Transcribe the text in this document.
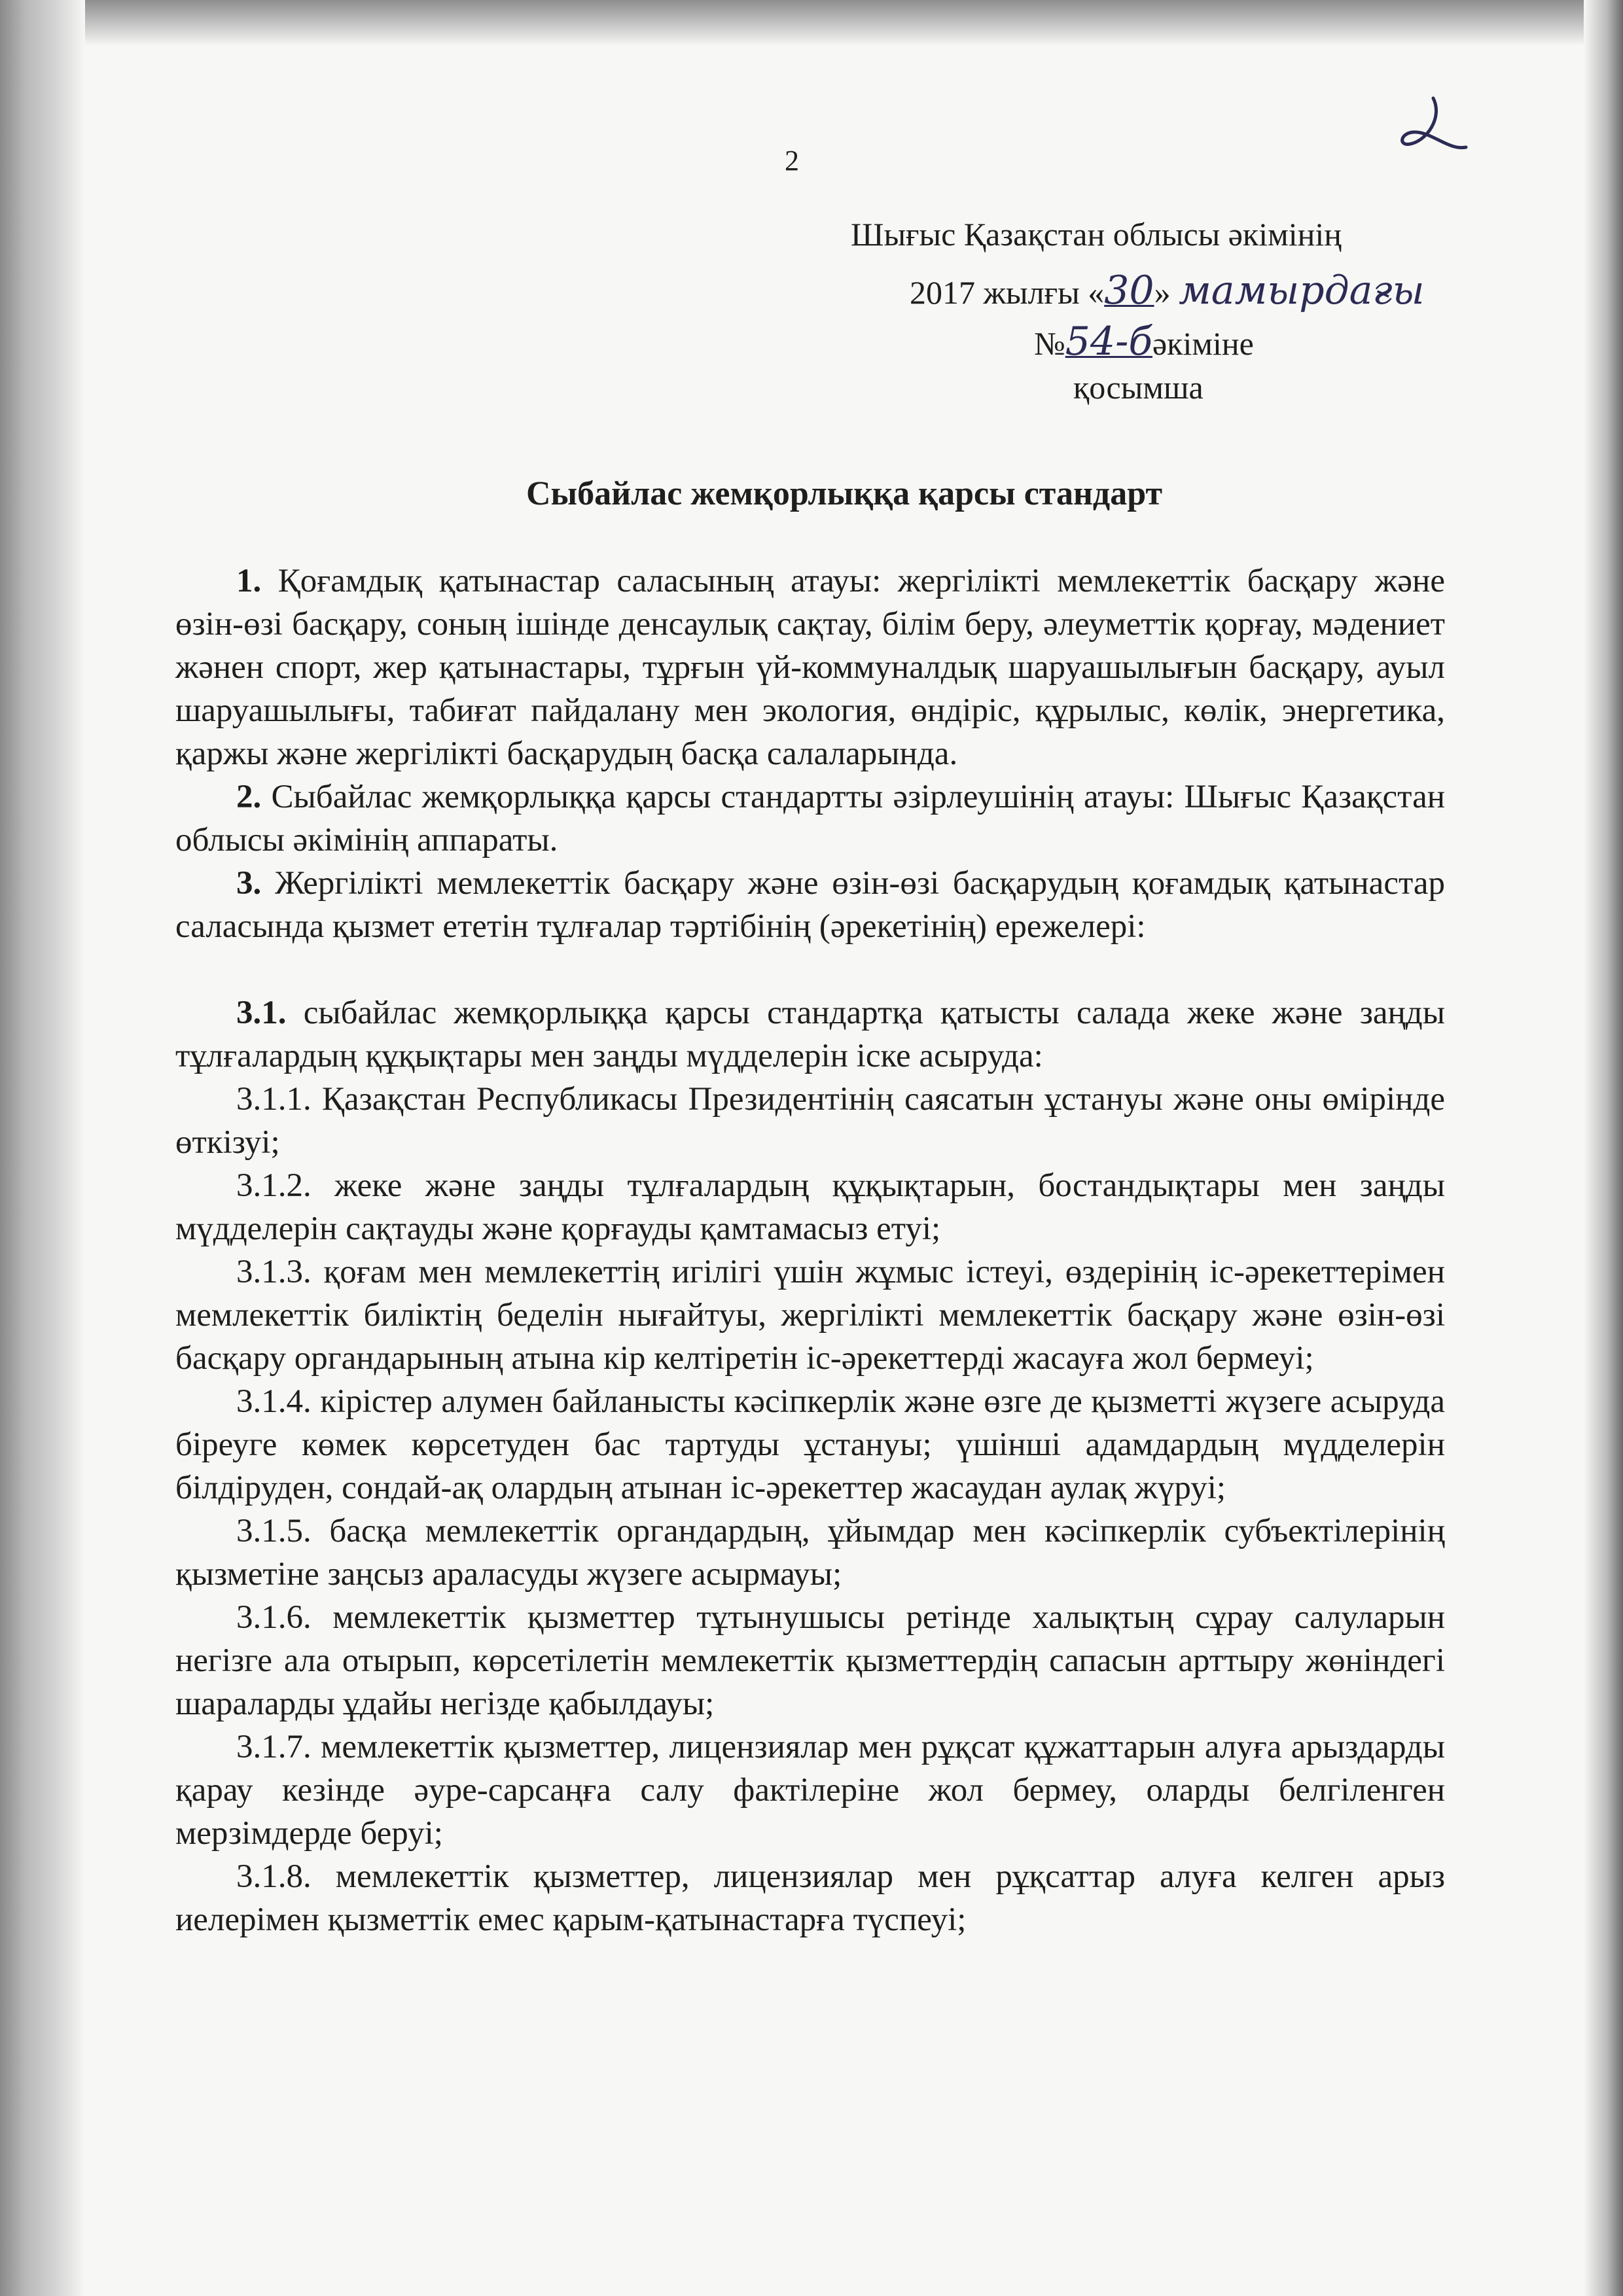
2
Шығыс Қазақстан облысы әкімінің
2017 жылғы «30» мамырдағы
№54-бәкіміне
қосымша
Сыбайлас жемқорлыққа қарсы стандарт

1. Қоғамдық қатынастар саласының атауы: жергілікті мемлекеттік басқару және өзін-өзі басқару, соның ішінде денсаулық сақтау, білім беру, әлеуметтік қорғау, мәдениет жәнен спорт, жер қатынастары, тұрғын үй-коммуналдық шаруашылығын басқару, ауыл шаруашылығы, табиғат пайдалану мен экология, өндіріс, құрылыс, көлік, энергетика, қаржы және жергілікті басқарудың басқа салаларында.

2. Сыбайлас жемқорлыққа қарсы стандартты әзірлеушінің атауы: Шығыс Қазақстан облысы әкімінің аппараты.

3. Жергілікті мемлекеттік басқару және өзін-өзі басқарудың қоғамдық қатынастар саласында қызмет ететін тұлғалар тәртібінің (әрекетінің) ережелері:

3.1. сыбайлас жемқорлыққа қарсы стандартқа қатысты салада жеке және заңды тұлғалардың құқықтары мен заңды мүдделерін іске асыруда:

3.1.1. Қазақстан Республикасы Президентінің саясатын ұстануы және оны өмірінде өткізуі;

3.1.2. жеке және заңды тұлғалардың құқықтарын, бостандықтары мен заңды мүдделерін сақтауды және қорғауды қамтамасыз етуі;

3.1.3. қоғам мен мемлекеттің игілігі үшін жұмыс істеуі, өздерінің іс-әрекеттерімен мемлекеттік биліктің беделін нығайтуы, жергілікті мемлекеттік басқару және өзін-өзі басқару органдарының атына кір келтіретін іс-әрекеттерді жасауға жол бермеуі;

3.1.4. кірістер алумен байланысты кәсіпкерлік және өзге де қызметті жүзеге асыруда біреуге көмек көрсетуден бас тартуды ұстануы; үшінші адамдардың мүдделерін білдіруден, сондай-ақ олардың атынан іс-әрекеттер жасаудан аулақ жүруі;

3.1.5. басқа мемлекеттік органдардың, ұйымдар мен кәсіпкерлік субъектілерінің қызметіне заңсыз араласуды жүзеге асырмауы;

3.1.6. мемлекеттік қызметтер тұтынушысы ретінде халықтың сұрау салуларын негізге ала отырып, көрсетілетін мемлекеттік қызметтердің сапасын арттыру жөніндегі шараларды ұдайы негізде қабылдауы;

3.1.7. мемлекеттік қызметтер, лицензиялар мен рұқсат құжаттарын алуға арыздарды қарау кезінде әуре-сарсаңға салу фактілеріне жол бермеу, оларды белгіленген мерзімдерде беруі;

3.1.8. мемлекеттік қызметтер, лицензиялар мен рұқсаттар алуға келген арыз иелерімен қызметтік емес қарым-қатынастарға түспеуі;
